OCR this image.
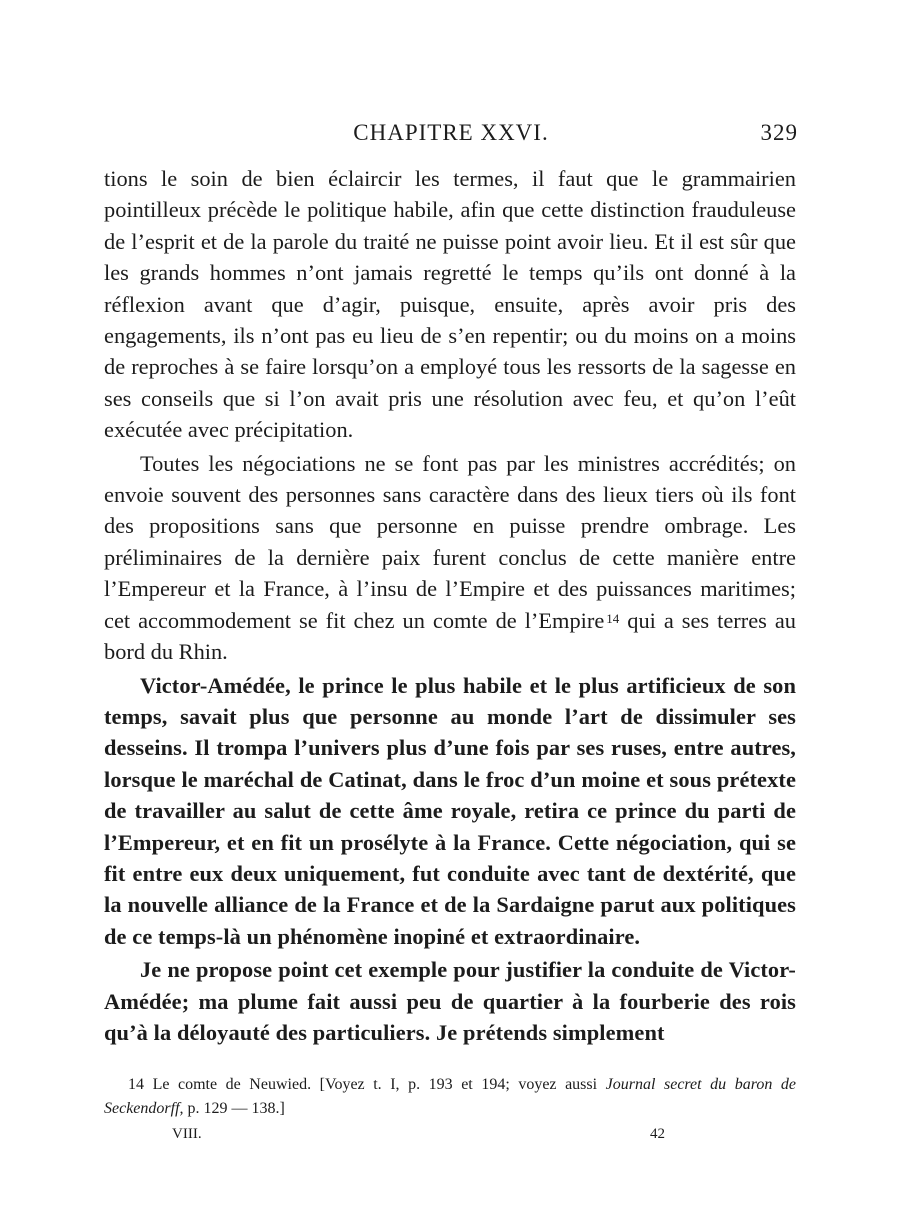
CHAPITRE XXVI.	329

tions le soin de bien éclaircir les termes, il faut que le grammairien pointilleux précède le politique habile, afin que cette distinction frauduleuse de l’esprit et de la parole du traité ne puisse point avoir lieu. Et il est sûr que les grands hommes n’ont jamais regretté le temps qu’ils ont donné à la réflexion avant que d’agir, puisque, ensuite, après avoir pris des engagements, ils n’ont pas eu lieu de s’en repentir; ou du moins on a moins de reproches à se faire lorsqu’on a employé tous les ressorts de la sagesse en ses conseils que si l’on avait pris une résolution avec feu, et qu’on l’eût exécutée avec précipitation.

Toutes les négociations ne se font pas par les ministres accrédités; on envoie souvent des personnes sans caractère dans des lieux tiers où ils font des propositions sans que personne en puisse prendre ombrage. Les préliminaires de la dernière paix furent conclus de cette manière entre l’Empereur et la France, à l’insu de l’Empire et des puissances maritimes; cet accommodement se fit chez un comte de l’Empire $^{14}$ qui a ses terres au bord du Rhin.

Victor-Amédée, le prince le plus habile et le plus artificieux de son temps, savait plus que personne au monde l’art de dissimuler ses desseins. Il trompa l’univers plus d’une fois par ses ruses, entre autres, lorsque le maréchal de Catinat, dans le froc d’un moine et sous prétexte de travailler au salut de cette âme royale, retira ce prince du parti de l’Empereur, et en fit un prosélyte à la France. Cette négociation, qui se fit entre eux deux uniquement, fut conduite avec tant de dextérité, que la nouvelle alliance de la France et de la Sardaigne parut aux politiques de ce temps-là un phénomène inopiné et extraordinaire.

Je ne propose point cet exemple pour justifier la conduite de Victor-Amédée; ma plume fait aussi peu de quartier à la fourberie des rois qu’à la déloyauté des particuliers. Je prétends simplement

14 Le comte de Neuwied. [Voyez t. I, p. 193 et 194; voyez aussi Journal secret du baron de Seckendorff, p. 129 — 138.]
VIII.	42
